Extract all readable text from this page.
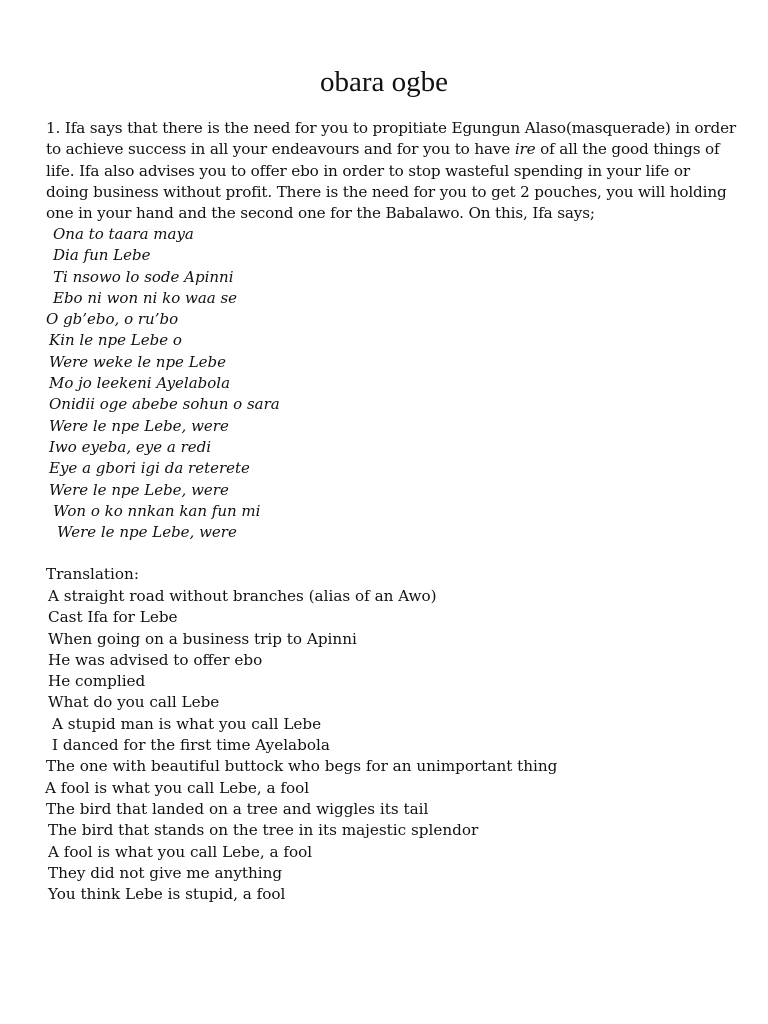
obara ogbe

1. Ifa says that there is the need for you to propitiate Egungun Alaso(masquerade) in order to achieve success in all your endeavours and for you to have ire of all the good things of life. Ifa also advises you to offer ebo in order to stop wasteful spending in your life or doing business without profit. There is the need for you to get 2 pouches, you will holding one in your hand and the second one for the Babalawo. On this, Ifa says;

Ona to taara maya
Dia fun Lebe
Ti nsowo lo sode Apinni
Ebo ni won ni ko waa se
O gb’ebo, o ru’bo
Kin le npe Lebe o
Were weke le npe Lebe
Mo jo leekeni Ayelabola
Onidii oge abebe sohun o sara
Were le npe Lebe, were
Iwo eyeba, eye a redi
Eye a gbori igi da reterete
Were le npe Lebe, were
Won o ko nnkan kan fun mi
Were le npe Lebe, were

Translation:

A straight road without branches (alias of an Awo)
Cast Ifa for Lebe
When going on a business trip to Apinni
He was advised to offer ebo
He complied
What do you call Lebe
A stupid man is what you call Lebe
I danced for the first time Ayelabola
The one with beautiful buttock who begs for an unimportant thing
A fool is what you call Lebe, a fool
The bird that landed on a tree and wiggles its tail
The bird that stands on the tree in its majestic splendor
A fool is what you call Lebe, a fool
They did not give me anything
You think Lebe is stupid, a fool
